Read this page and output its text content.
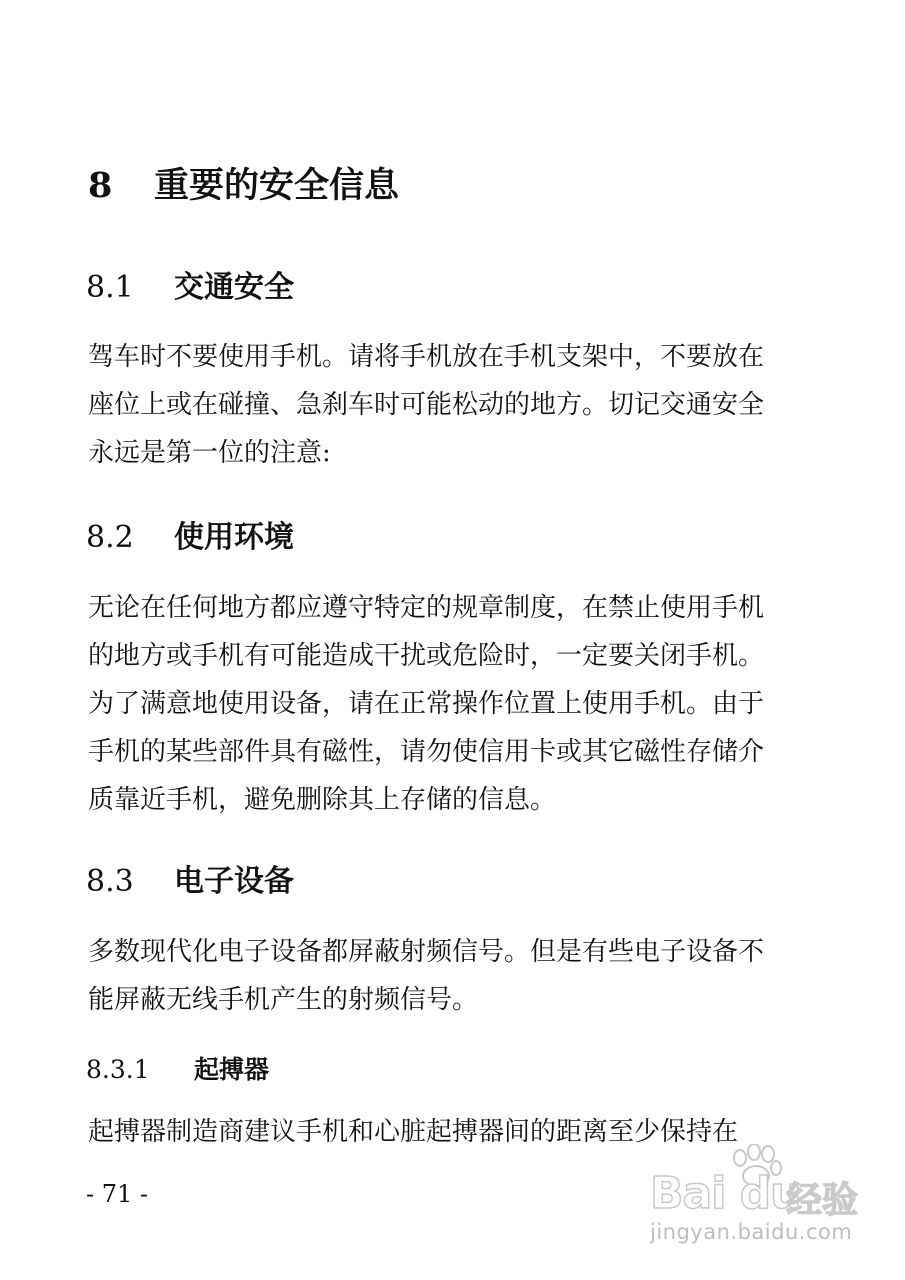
8 重要的安全信息
8.1 交通安全
驾车时不要使用手机。请将手机放在手机支架中，不要放在
座位上或在碰撞、急刹车时可能松动的地方。切记交通安全
永远是第一位的注意:
8.2 使用环境
无论在任何地方都应遵守特定的规章制度，在禁止使用手机
的地方或手机有可能造成干扰或危险时，一定要关闭手机。
为了满意地使用设备，请在正常操作位置上使用手机。由于
手机的某些部件具有磁性，请勿使信用卡或其它磁性存储介
质靠近手机，避免删除其上存储的信息。
8.3 电子设备
多数现代化电子设备都屏蔽射频信号。但是有些电子设备不
能屏蔽无线手机产生的射频信号。
8.3.1 起搏器
起搏器制造商建议手机和心脏起搏器间的距离至少保持在
- 71 -	Bai du
经验
jingyan.baidu.com
